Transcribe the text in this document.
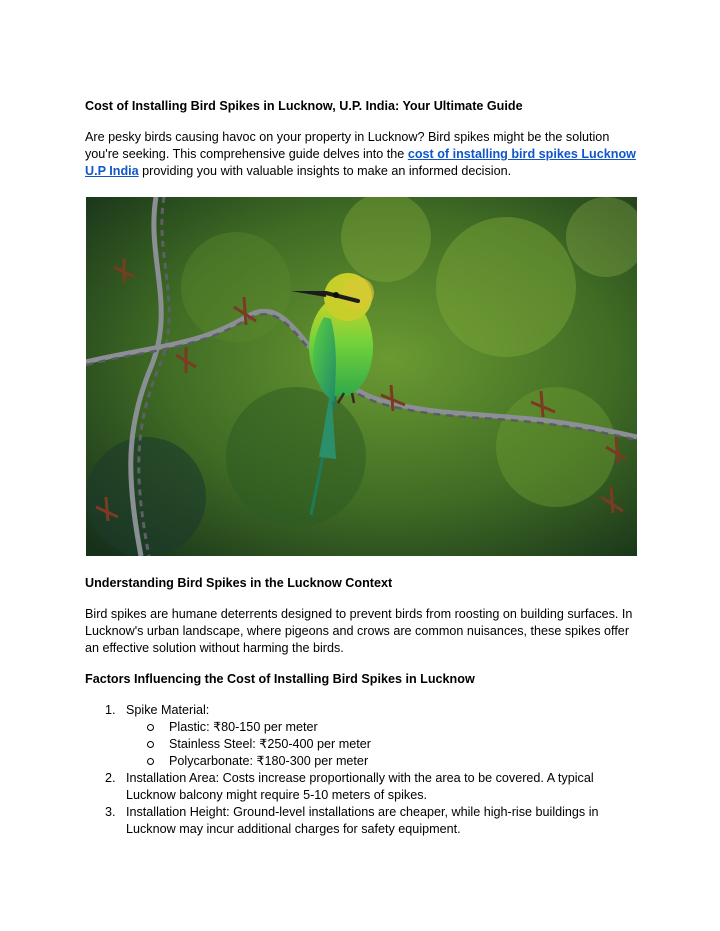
Cost of Installing Bird Spikes in Lucknow, U.P. India: Your Ultimate Guide
Are pesky birds causing havoc on your property in Lucknow? Bird spikes might be the solution you're seeking. This comprehensive guide delves into the cost of installing bird spikes Lucknow U.P India providing you with valuable insights to make an informed decision.
Understanding Bird Spikes in the Lucknow Context
Bird spikes are humane deterrents designed to prevent birds from roosting on building surfaces. In Lucknow's urban landscape, where pigeons and crows are common nuisances, these spikes offer an effective solution without harming the birds.
Factors Influencing the Cost of Installing Bird Spikes in Lucknow
1. Spike Material:
Plastic: ₹80-150 per meter
Stainless Steel: ₹250-400 per meter
Polycarbonate: ₹180-300 per meter
2. Installation Area: Costs increase proportionally with the area to be covered. A typical Lucknow balcony might require 5-10 meters of spikes.
3. Installation Height: Ground-level installations are cheaper, while high-rise buildings in Lucknow may incur additional charges for safety equipment.
